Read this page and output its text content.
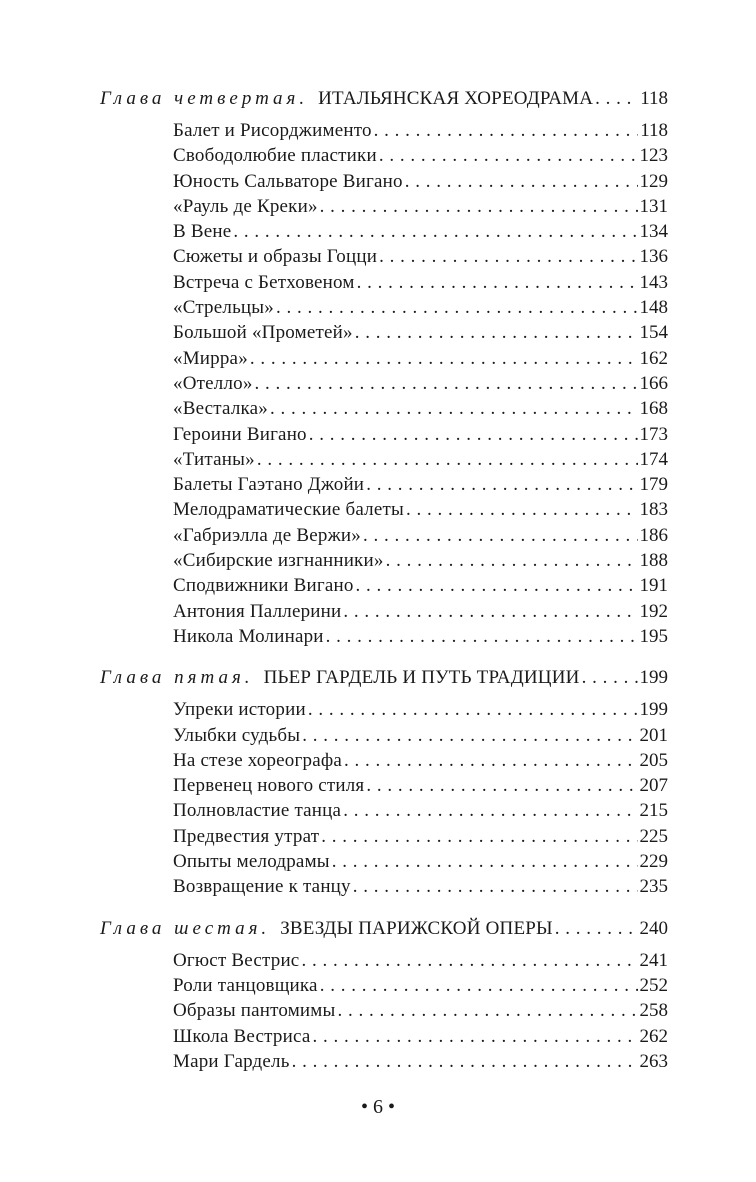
Глава четвертая. ИТАЛЬЯНСКАЯ ХОРЕОДРАМА . . . 118
Балет и Рисорджименто . . .	118
Свободолюбие пластики . . .	123
Юность Сальваторе Вигано . . .	129
«Рауль де Креки» . . .	131
В Вене . . .	134
Сюжеты и образы Гоцци . . .	136
Встреча с Бетховеном . . .	143
«Стрельцы» . . .	148
Большой «Прометей» . . .	154
«Мирра» . . .	162
«Отелло» . . .	166
«Весталка» . . .	168
Героини Вигано . . .	173
«Титаны» . . .	174
Балеты Гаэтано Джойи . . .	179
Мелодраматические балеты . . .	183
«Габриэлла де Вержи» . . .	186
«Сибирские изгнанники» . . .	188
Сподвижники Вигано . . .	191
Антония Паллерини . . .	192
Никола Молинари . . .	195
Глава пятая. ПЬЕР ГАРДЕЛЬ И ПУТЬ ТРАДИЦИИ . . .	199
Упреки истории . . .	199
Улыбки судьбы . . .	201
На стезе хореографа . . .	205
Первенец нового стиля . . .	207
Полновластие танца . . .	215
Предвестия утрат . . .	225
Опыты мелодрамы . . .	229
Возвращение к танцу . . .	235
Глава шестая. ЗВЕЗДЫ ПАРИЖСКОЙ ОПЕРЫ . . .	240
Огюст Вестрис . . .	241
Роли танцовщика . . .	252
Образы пантомимы . . .	258
Школа Вестриса . . .	262
Мари Гардель . . .	263
• 6 •
